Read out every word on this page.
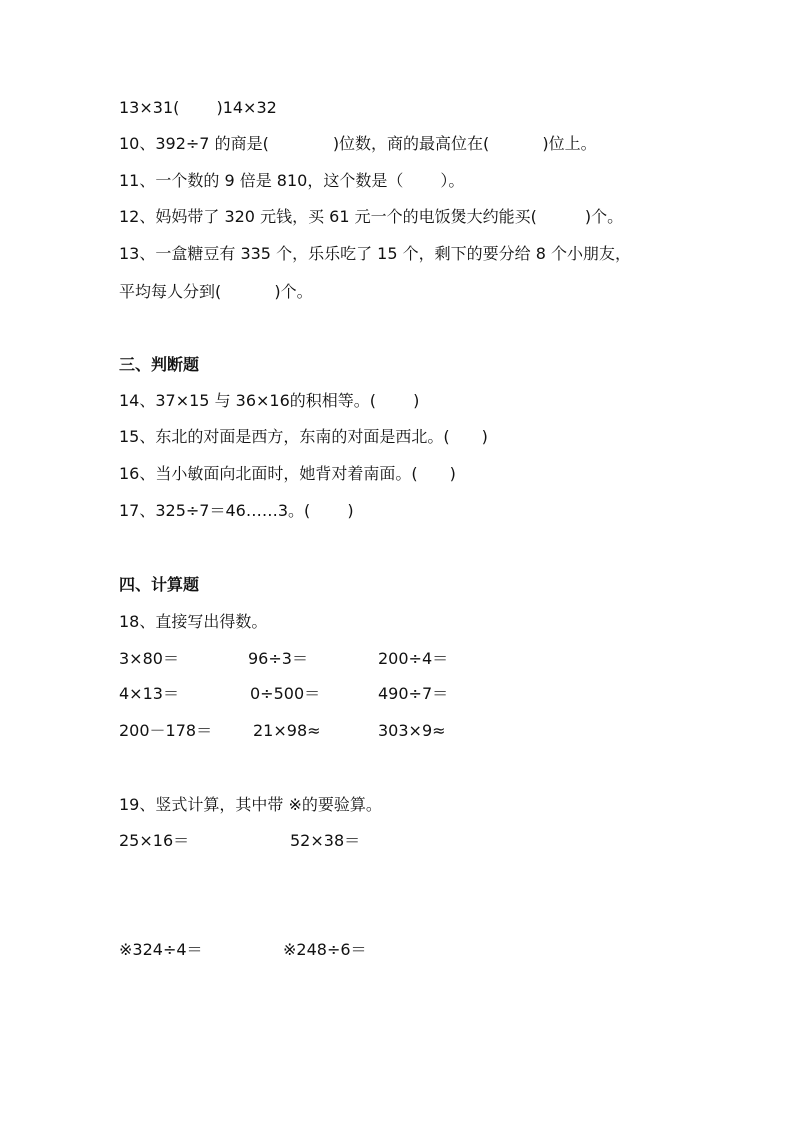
13×31(　　 )14×32
10、392÷7 的商是(　　　　)位数，商的最高位在(　　　 )位上。
11、一个数的 9 倍是 810，这个数是（　　 ）。
12、妈妈带了 320 元钱，买 61 元一个的电饭煲大约能买(　　　)个。
13、一盒糖豆有 335 个，乐乐吃了 15 个，剩下的要分给 8 个小朋友，
平均每人分到(　　　 )个。
三、判断题
14、37×15 与 36×16的积相等。(　　 )
15、东北的对面是西方，东南的对面是西北。(　　)
16、当小敏面向北面时，她背对着南面。(　　)
17、325÷7＝46……3。(　　 )
四、计算题
18、直接写出得数。
3×80＝	96÷3＝	200÷4＝
4×13＝	0÷500＝	490÷7＝
200－178＝	21×98≈	303×9≈
19、竖式计算，其中带 ※的要验算。
25×16＝	52×38＝
※324÷4＝	※248÷6＝
